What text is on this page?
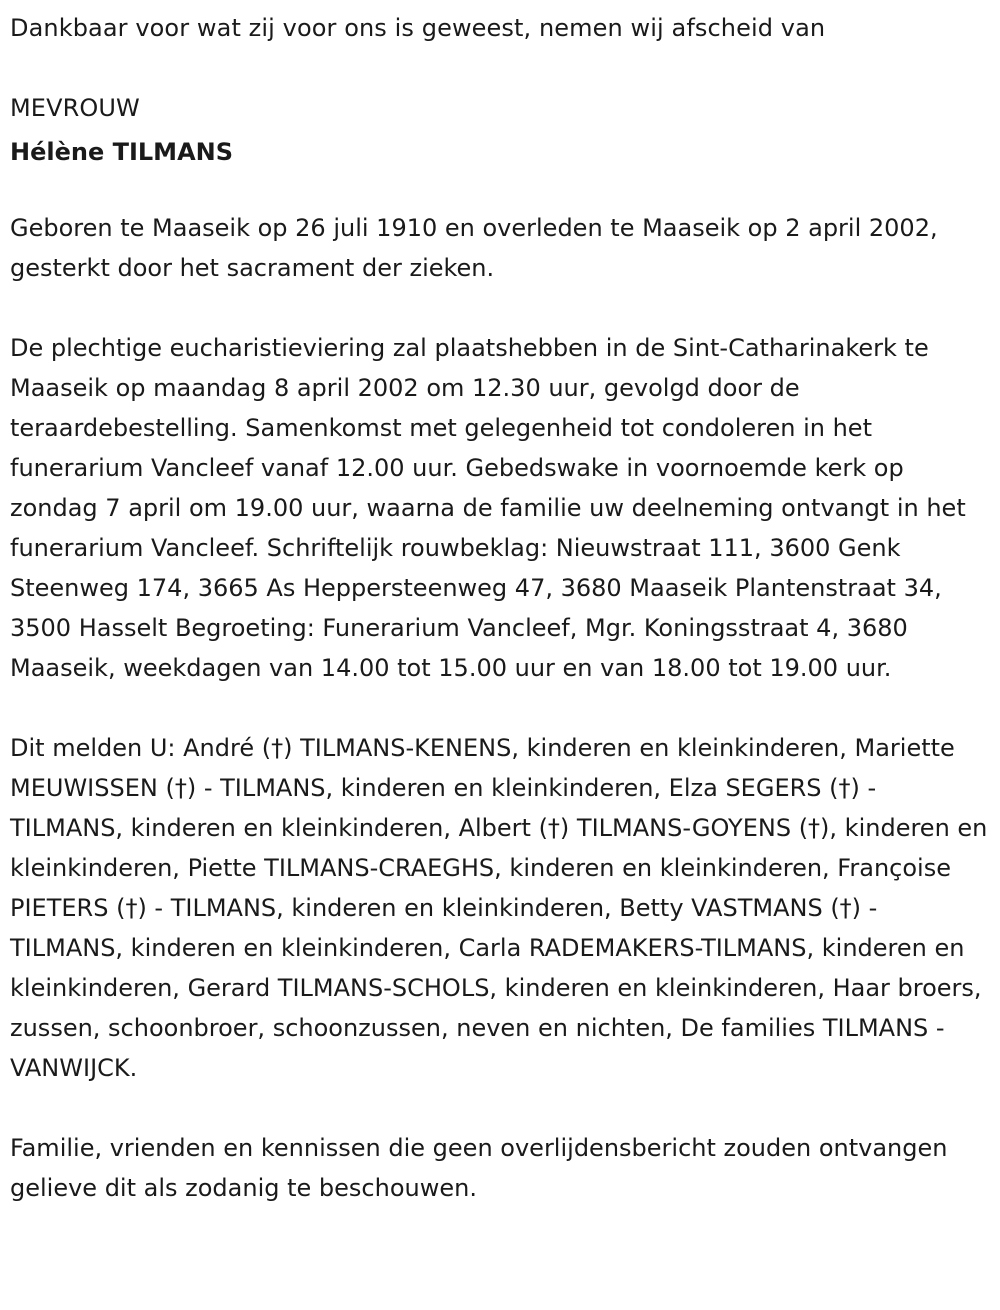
Dankbaar voor wat zij voor ons is geweest, nemen wij afscheid van

MEVROUW
Hélène TILMANS

Geboren te Maaseik op 26 juli 1910 en overleden te Maaseik op 2 april 2002, gesterkt door het sacrament der zieken.

De plechtige eucharistieviering zal plaatshebben in de Sint-Catharinakerk te Maaseik op maandag 8 april 2002 om 12.30 uur, gevolgd door de teraardebestelling. Samenkomst met gelegenheid tot condoleren in het funerarium Vancleef vanaf 12.00 uur. Gebedswake in voornoemde kerk op zondag 7 april om 19.00 uur, waarna de familie uw deelneming ontvangt in het funerarium Vancleef. Schriftelijk rouwbeklag: Nieuwstraat 111, 3600 Genk Steenweg 174, 3665 As Heppersteenweg 47, 3680 Maaseik Plantenstraat 34, 3500 Hasselt Begroeting: Funerarium Vancleef, Mgr. Koningsstraat 4, 3680 Maaseik, weekdagen van 14.00 tot 15.00 uur en van 18.00 tot 19.00 uur.

Dit melden U: André (†) TILMANS-KENENS, kinderen en kleinkinderen, Mariette MEUWISSEN (†) - TILMANS, kinderen en kleinkinderen, Elza SEGERS (†) - TILMANS, kinderen en kleinkinderen, Albert (†) TILMANS-GOYENS (†), kinderen en kleinkinderen, Piette TILMANS-CRAEGHS, kinderen en kleinkinderen, Françoise PIETERS (†) - TILMANS, kinderen en kleinkinderen, Betty VASTMANS (†) - TILMANS, kinderen en kleinkinderen, Carla RADEMAKERS-TILMANS, kinderen en kleinkinderen, Gerard TILMANS-SCHOLS, kinderen en kleinkinderen, Haar broers, zussen, schoonbroer, schoonzussen, neven en nichten, De families TILMANS - VANWIJCK.

Familie, vrienden en kennissen die geen overlijdensbericht zouden ontvangen gelieve dit als zodanig te beschouwen.
